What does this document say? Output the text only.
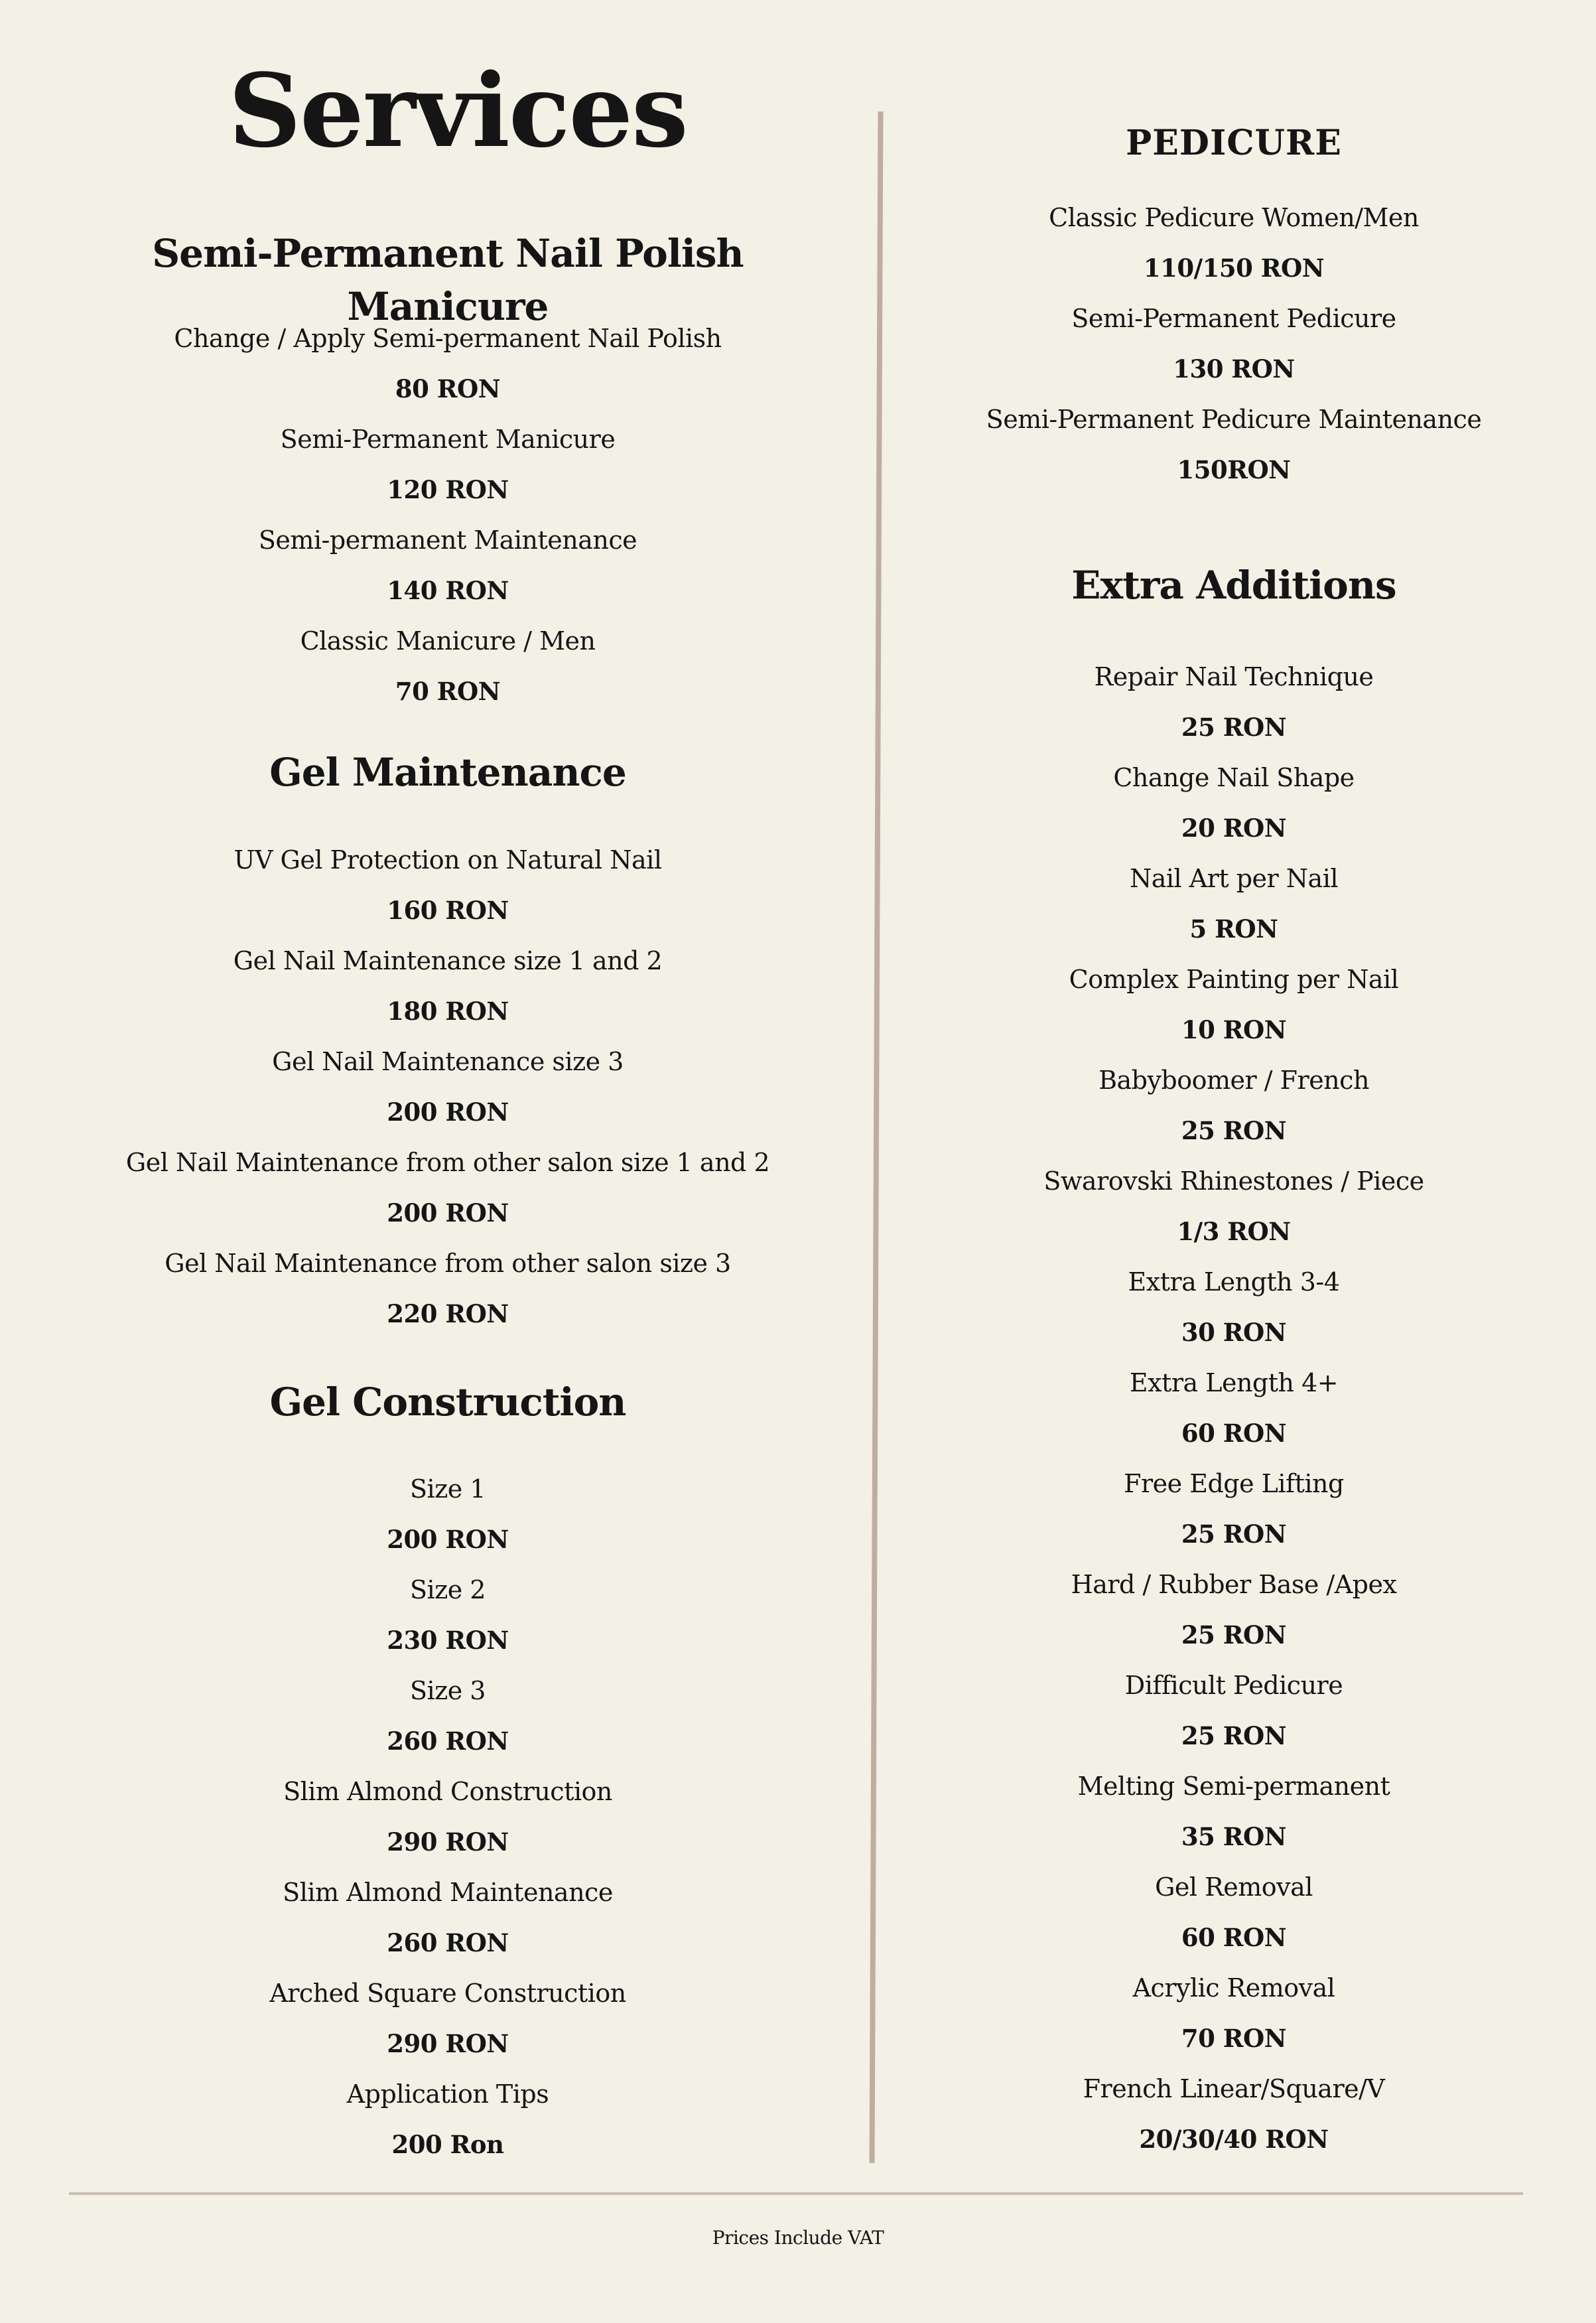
Services
Semi-Permanent Nail Polish Manicure
Change / Apply Semi-permanent Nail Polish
80 RON
Semi-Permanent Manicure
120 RON
Semi-permanent Maintenance
140 RON
Classic Manicure / Men
70 RON
Gel Maintenance
UV Gel Protection on Natural Nail
160 RON
Gel Nail Maintenance size 1 and 2
180 RON
Gel Nail Maintenance size 3
200 RON
Gel Nail Maintenance from other salon size 1 and 2
200 RON
Gel Nail Maintenance from other salon size 3
220 RON
Gel Construction
Size 1
200 RON
Size 2
230 RON
Size 3
260 RON
Slim Almond Construction
290 RON
Slim Almond Maintenance
260 RON
Arched Square Construction
290 RON
Application Tips
200 Ron
PEDICURE
Classic Pedicure Women/Men
110/150 RON
Semi-Permanent Pedicure
130 RON
Semi-Permanent Pedicure Maintenance
150RON
Extra Additions
Repair Nail Technique
25 RON
Change Nail Shape
20 RON
Nail Art per Nail
5 RON
Complex Painting per Nail
10 RON
Babyboomer / French
25 RON
Swarovski Rhinestones / Piece
1/3 RON
Extra Length 3-4
30 RON
Extra Length 4+
60 RON
Free Edge Lifting
25 RON
Hard / Rubber Base /Apex
25 RON
Difficult Pedicure
25 RON
Melting Semi-permanent
35 RON
Gel Removal
60 RON
Acrylic Removal
70 RON
French Linear/Square/V
20/30/40 RON
Prices Include VAT
